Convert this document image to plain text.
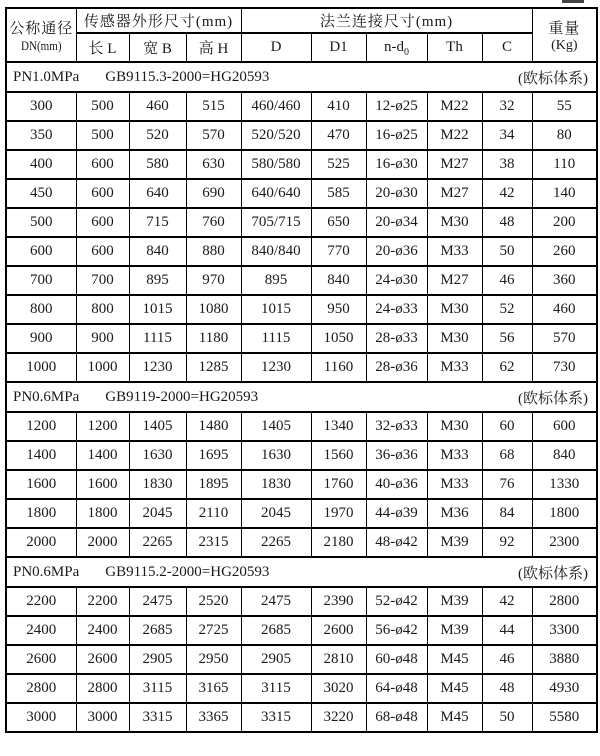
公称通径
DN(mm)
	传感器外形尺寸(mm)	法兰连接尺寸(mm)	重量
(Kg)

	长 L	宽 B	高 H	D	D1	$n-d_0$	Th	C	

PN1.0MPa GB9115.3-2000=HG20593 (欧标体系)									

300	500	460	515	460/460	410	12-ø25	M22	32	55
350	500	520	570	520/520	470	16-ø25	M22	34	80
400	600	580	630	580/580	525	16-ø30	M27	38	110
450	600	640	690	640/640	585	20-ø30	M27	42	140
500	600	715	760	705/715	650	20-ø34	M30	48	200
600	600	840	880	840/840	770	20-ø36	M33	50	260
700	700	895	970	895	840	24-ø30	M27	46	360
800	800	1015	1080	1015	950	24-ø33	M30	52	460
900	900	1115	1180	1115	1050	28-ø33	M30	56	570
1000	1000	1230	1285	1230	1160	28-ø36	M33	62	730

PN0.6MPa GB9119-2000=HG20593 (欧标体系)									

1200	1200	1405	1480	1405	1340	32-ø33	M30	60	600
1400	1400	1630	1695	1630	1560	36-ø36	M33	68	840
1600	1600	1830	1895	1830	1760	40-ø36	M33	76	1330
1800	1800	2045	2110	2045	1970	44-ø39	M36	84	1800
2000	2000	2265	2315	2265	2180	48-ø42	M39	92	2300

PN0.6MPa GB9115.2-2000=HG20593 (欧标体系)									

2200	2200	2475	2520	2475	2390	52-ø42	M39	42	2800
2400	2400	2685	2725	2685	2600	56-ø42	M39	44	3300
2600	2600	2905	2950	2905	2810	60-ø48	M45	46	3880
2800	2800	3115	3165	3115	3020	64-ø48	M45	48	4930
3000	3000	3315	3365	3315	3220	68-ø48	M45	50	5580
